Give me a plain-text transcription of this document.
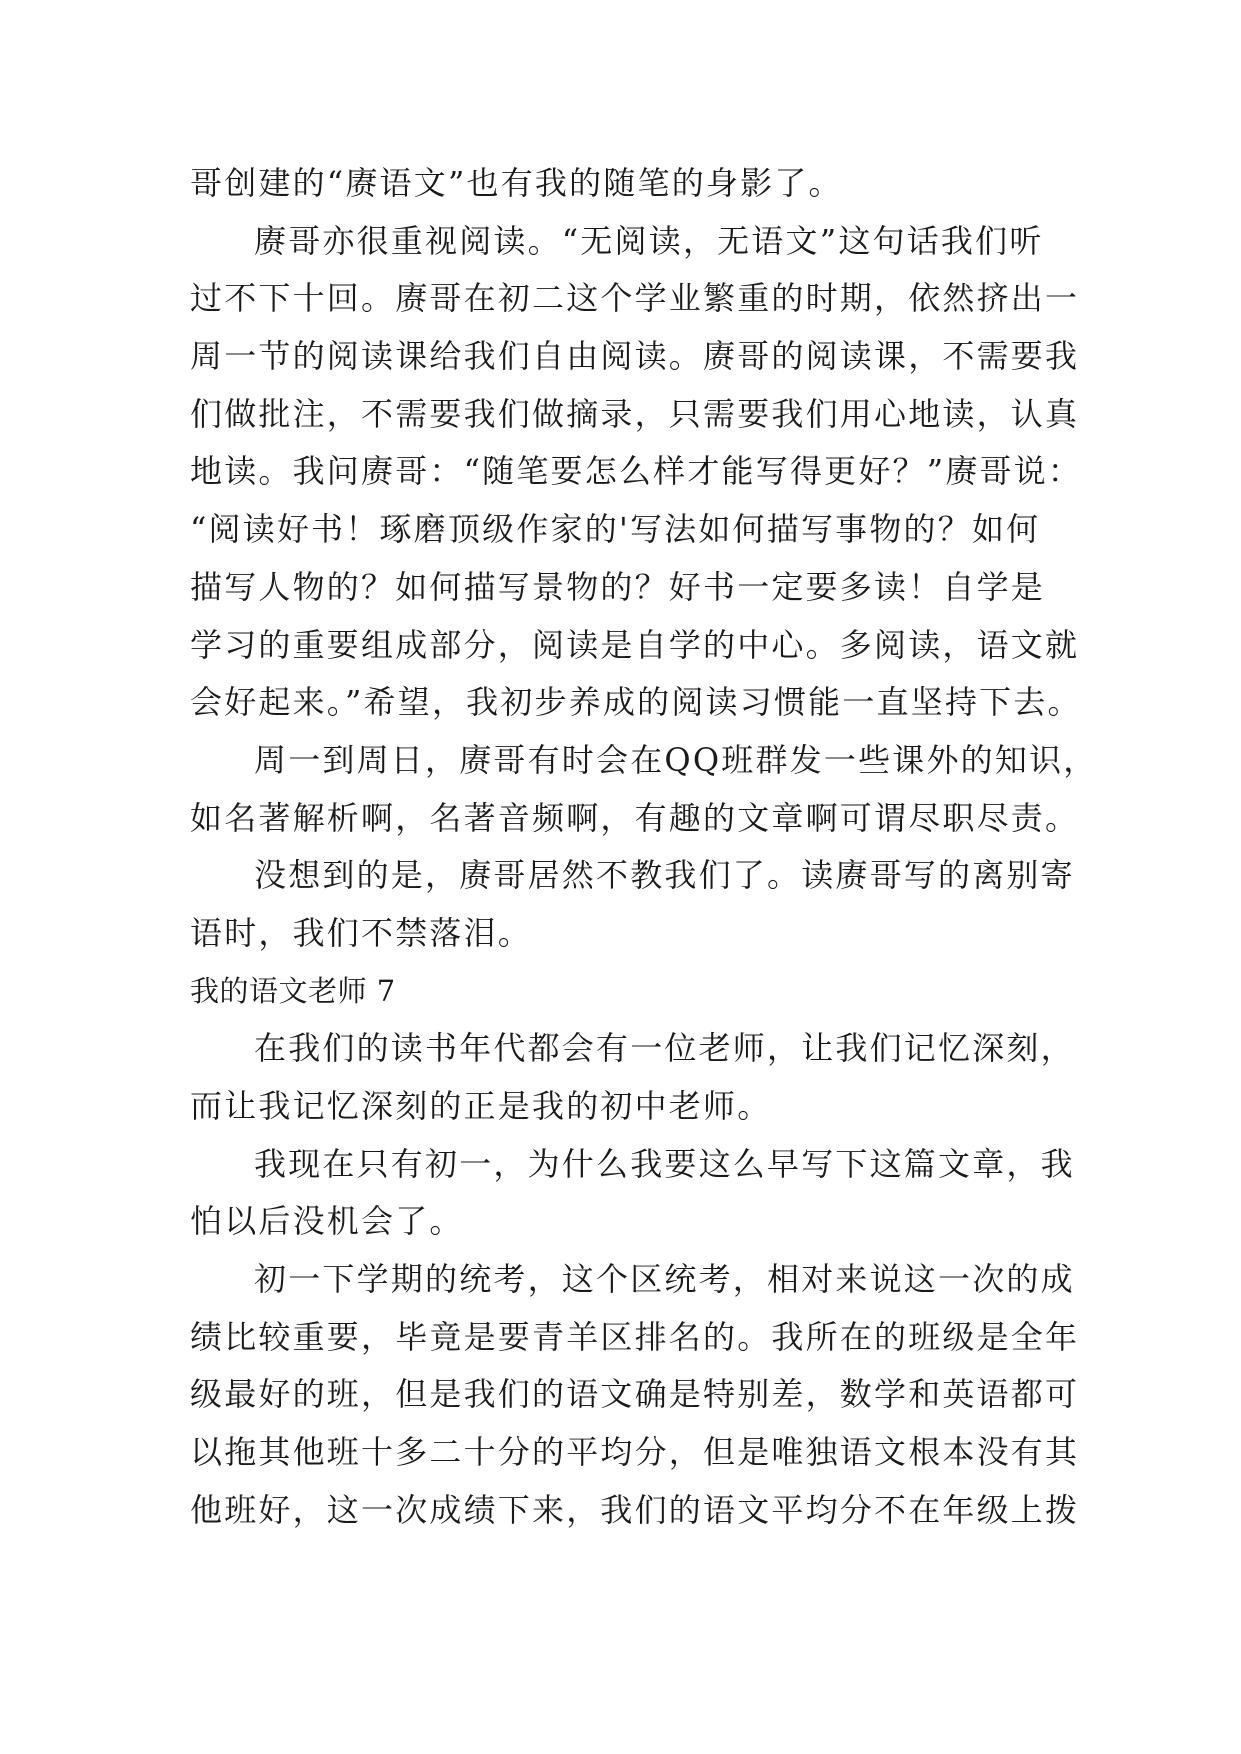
哥创建的“赓语文”也有我的随笔的身影了。
赓哥亦很重视阅读。“无阅读，无语文”这句话我们听
过不下十回。赓哥在初二这个学业繁重的时期，依然挤出一
周一节的阅读课给我们自由阅读。赓哥的阅读课，不需要我
们做批注，不需要我们做摘录，只需要我们用心地读，认真
地读。我问赓哥：“随笔要怎么样才能写得更好？”赓哥说：
“阅读好书！琢磨顶级作家的'写法如何描写事物的？如何
描写人物的？如何描写景物的？好书一定要多读！自学是
学习的重要组成部分，阅读是自学的中心。多阅读，语文就
会好起来。”希望，我初步养成的阅读习惯能一直坚持下去。
周一到周日，赓哥有时会在QQ班群发一些课外的知识，
如名著解析啊，名著音频啊，有趣的文章啊可谓尽职尽责。
没想到的是，赓哥居然不教我们了。读赓哥写的离别寄
语时，我们不禁落泪。
我的语文老师 7
在我们的读书年代都会有一位老师，让我们记忆深刻，
而让我记忆深刻的正是我的初中老师。
我现在只有初一，为什么我要这么早写下这篇文章，我
怕以后没机会了。
初一下学期的统考，这个区统考，相对来说这一次的成
绩比较重要，毕竟是要青羊区排名的。我所在的班级是全年
级最好的班，但是我们的语文确是特别差，数学和英语都可
以拖其他班十多二十分的平均分，但是唯独语文根本没有其
他班好，这一次成绩下来，我们的语文平均分不在年级上拨
